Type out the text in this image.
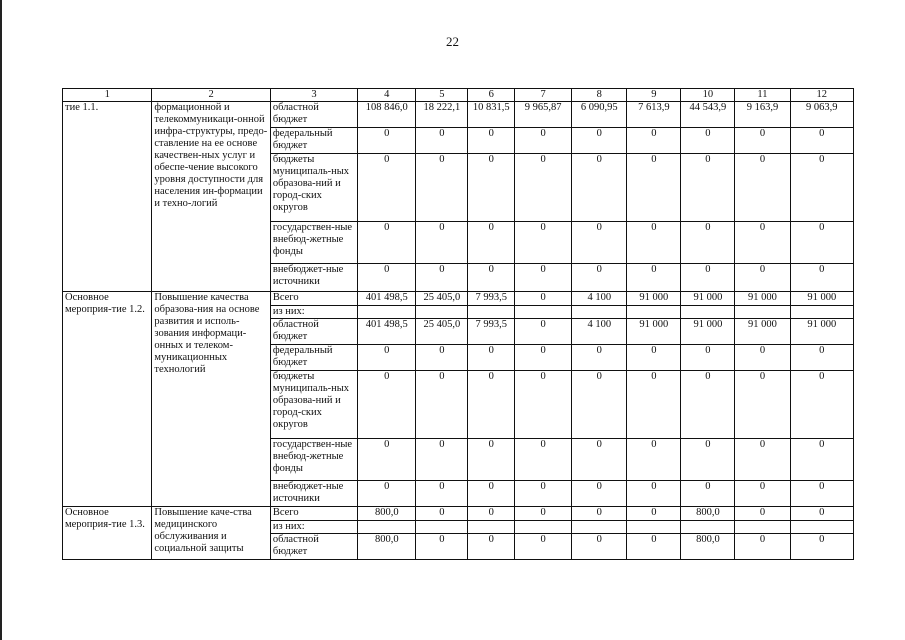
22
1	2	3	4	5	6	7	8	9	10	11	12
тие 1.1.	формационной и телекоммуникаци-онной инфра-структуры, предо-ставление на ее основе качествен-ных услуг и обеспе-чение высокого уровня доступности для населения ин-формации и техно-логий	областной бюджет	108 846,0	18 222,1	10 831,5	9 965,87	6 090,95	7 613,9	44 543,9	9 163,9	9 063,9
		федеральный бюджет	0	0	0	0	0	0	0	0	0
		бюджеты муниципаль-ных образова-ний и город-ских округов	0	0	0	0	0	0	0	0	0
		государствен-ные внебюд-жетные фонды	0	0	0	0	0	0	0	0	0
		внебюджет-ные источники	0	0	0	0	0	0	0	0	0
Основное мероприя-тие 1.2.	Повышение качества образова-ния на основе развития и исполь-зования информаци-онных и телеком-муникационных технологий	Всего	401 498,5	25 405,0	7 993,5	0	4 100	91 000	91 000	91 000	91 000
		из них:									
		областной бюджет	401 498,5	25 405,0	7 993,5	0	4 100	91 000	91 000	91 000	91 000
		федеральный бюджет	0	0	0	0	0	0	0	0	0
		бюджеты муниципаль-ных образова-ний и город-ских округов	0	0	0	0	0	0	0	0	0
		государствен-ные внебюд-жетные фонды	0	0	0	0	0	0	0	0	0
		внебюджет-ные источники	0	0	0	0	0	0	0	0	0
Основное мероприя-тие 1.3.	Повышение каче-ства медицинского обслуживания и социальной защиты	Всего	800,0	0	0	0	0	0	800,0	0	0
		из них:									
		областной бюджет	800,0	0	0	0	0	0	800,0	0	0
